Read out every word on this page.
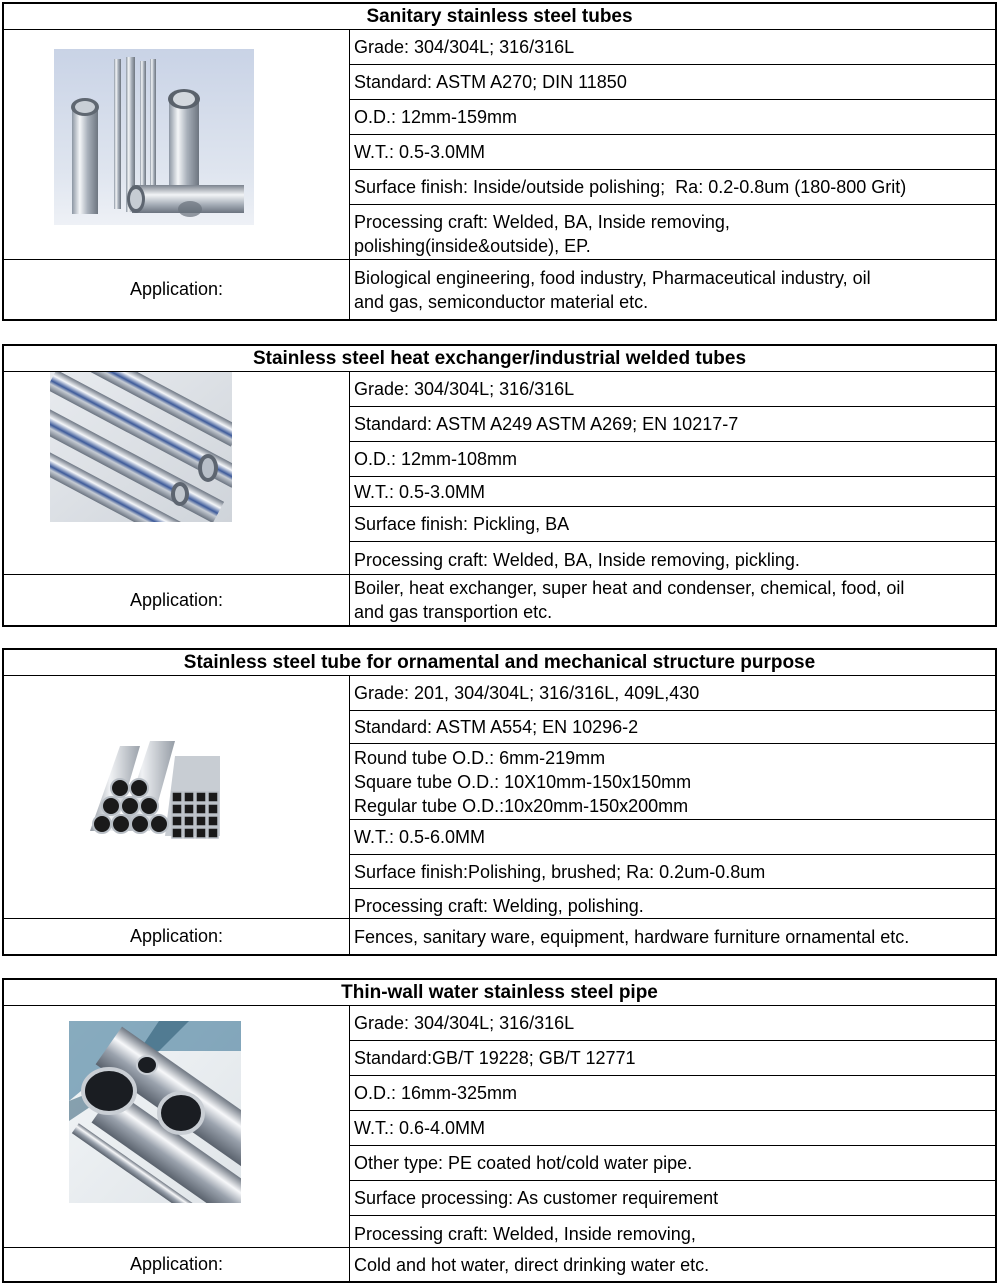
Sanitary stainless steel tubes
Grade: 304/304L; 316/316L
Standard: ASTM A270; DIN 11850
O.D.: 12mm-159mm
W.T.: 0.5-3.0MM
Surface finish: Inside/outside polishing;  Ra: 0.2-0.8um (180-800 Grit)
Processing craft: Welded, BA, Inside removing,
polishing(inside&outside), EP.
Application:
Biological engineering, food industry, Pharmaceutical industry, oil
and gas, semiconductor material etc.
Stainless steel heat exchanger/industrial welded tubes
Grade: 304/304L; 316/316L
Standard: ASTM A249 ASTM A269; EN 10217-7
O.D.: 12mm-108mm
W.T.: 0.5-3.0MM
Surface finish: Pickling, BA
Processing craft: Welded, BA, Inside removing, pickling.
Application:
Boiler, heat exchanger, super heat and condenser, chemical, food, oil
and gas transportion etc.
Stainless steel tube for ornamental and mechanical structure purpose
Grade: 201, 304/304L; 316/316L, 409L,430
Standard: ASTM A554; EN 10296-2
Round tube O.D.: 6mm-219mm
Square tube O.D.: 10X10mm-150x150mm
Regular tube O.D.:10x20mm-150x200mm
W.T.: 0.5-6.0MM
Surface finish:Polishing, brushed; Ra: 0.2um-0.8um
Processing craft: Welding, polishing.
Application:	Fences, sanitary ware, equipment, hardware furniture ornamental etc.
Thin-wall water stainless steel pipe
Grade: 304/304L; 316/316L
Standard:GB/T 19228; GB/T 12771
O.D.: 16mm-325mm
W.T.: 0.6-4.0MM
Other type: PE coated hot/cold water pipe.
Surface processing: As customer requirement
Processing craft: Welded, Inside removing,
Application:	Cold and hot water, direct drinking water etc.
